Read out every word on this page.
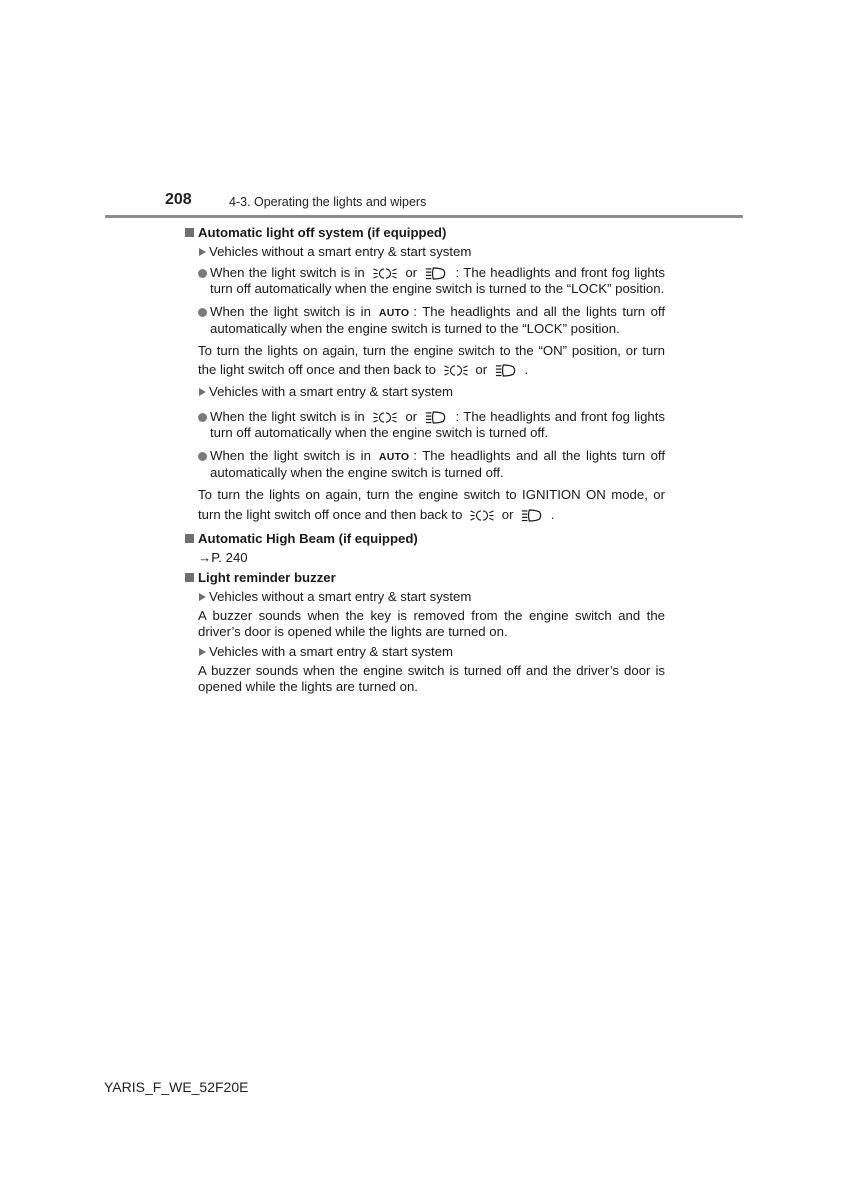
208	4-3. Operating the lights and wipers
Automatic light off system (if equipped)
Vehicles without a smart entry & start system
When the light switch is in	or	: The headlights and front fog lights turn off automatically when the engine switch is turned to the “LOCK” position.
When the light switch is in AUTO : The headlights and all the lights turn off automatically when the engine switch is turned to the “LOCK” position.
To turn the lights on again, turn the engine switch to the “ON” position, or turn the light switch off once and then back to	or	.
Vehicles with a smart entry & start system
When the light switch is in	or	: The headlights and front fog lights turn off automatically when the engine switch is turned off.
When the light switch is in AUTO : The headlights and all the lights turn off automatically when the engine switch is turned off.
To turn the lights on again, turn the engine switch to IGNITION ON mode, or turn the light switch off once and then back to	or	.
Automatic High Beam (if equipped)
→P. 240
Light reminder buzzer
Vehicles without a smart entry & start system
A buzzer sounds when the key is removed from the engine switch and the driver’s door is opened while the lights are turned on.
Vehicles with a smart entry & start system
A buzzer sounds when the engine switch is turned off and the driver’s door is opened while the lights are turned on.
YARIS_F_WE_52F20E
